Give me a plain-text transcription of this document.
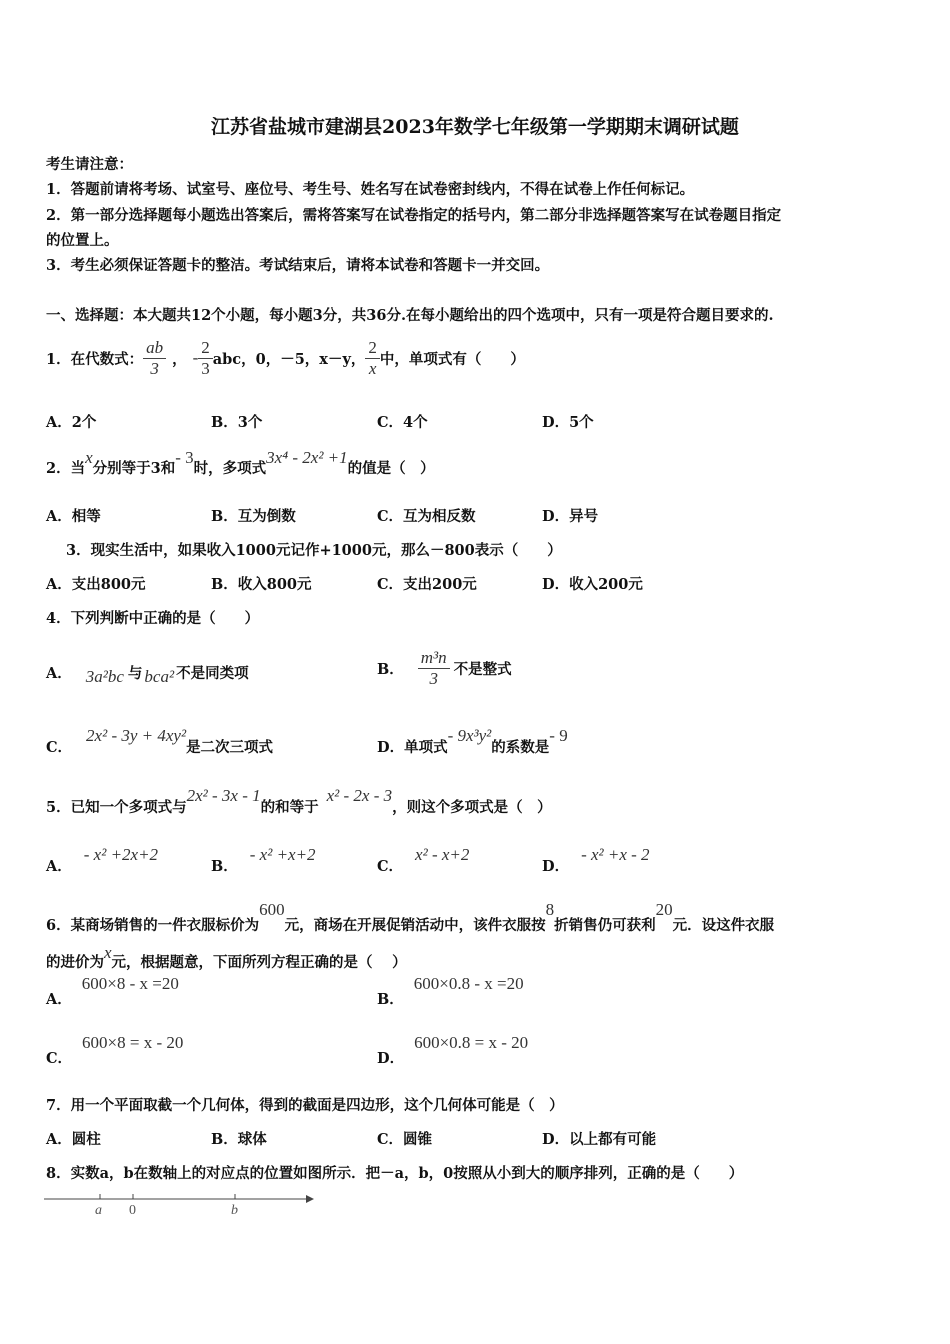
江苏省盐城市建湖县2023年数学七年级第一学期期末调研试题
考生请注意：
1．答题前请将考场、试室号、座位号、考生号、姓名写在试卷密封线内，不得在试卷上作任何标记。
2．第一部分选择题每小题选出答案后，需将答案写在试卷指定的括号内，第二部分非选择题答案写在试卷题目指定
的位置上。
3．考生必须保证答题卡的整洁。考试结束后，请将本试卷和答题卡一并交回。
一、选择题：本大题共12个小题，每小题3分，共36分.在每小题给出的四个选项中，只有一项是符合题目要求的.
1．在代数式： $\frac{ab}{3}$ ， - $\frac{2}{3}$ abc，0，－5，x－y， $\frac{2}{x}$ 中，单项式有（　　）
A．2个	B．3个	C．4个	D．5个
2．当
x
分别等于3和
- 3
时，多项式
3x⁴ - 2x² +1
的值是（　）
A．相等	B．互为倒数	C．互为相反数	D．异号
3．现实生活中，如果收入1000元记作+1000元，那么－800表示（　　）
A．支出800元	B．收入800元	C．支出200元	D．收入200元
4．下列判断中正确的是（　　）
A． 3a²bc 与 bca² 不是同类项	B． $\frac{\text{m³n}}{3}$ 不是整式
C．
2x² - 3y + 4xy²
是二次三项式	D．单项式
- 9x³y²
的系数是
- 9
5．已知一个多项式与
2x² - 3x - 1
的和等于
x² - 2x - 3
，则这个多项式是（　）
A．
- x² +2x+2
B．
- x² +x+2
C．
x² - x+2
D．
- x² +x - 2
6．某商场销售的一件衣服标价为
600
元，商场在开展促销活动中，该件衣服按
8
折销售仍可获利
20
元．设这件衣服
的进价为
x
元，根据题意，下面所列方程正确的是（　 ）
A．
600×8 - x =20
B．
600×0.8 - x =20
C．
600×8 = x - 20
D．
600×0.8 = x - 20
7．用一个平面取截一个几何体，得到的截面是四边形，这个几何体可能是（　）
A．圆柱	B．球体	C．圆锥	D．以上都有可能
8．实数a，b在数轴上的对应点的位置如图所示．把－a，b，0按照从小到大的顺序排列，正确的是（　　）
a 0	b
